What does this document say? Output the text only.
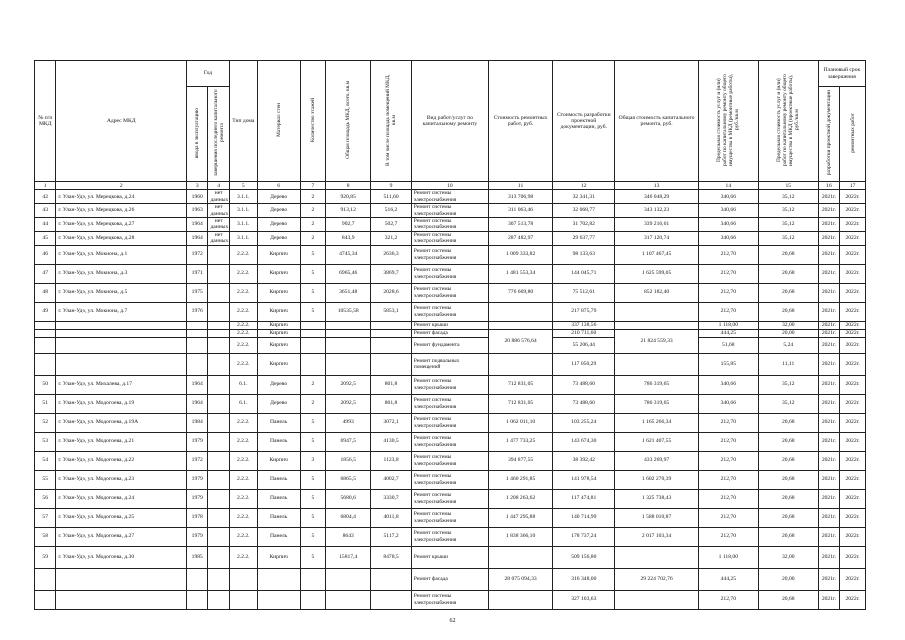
№ п/п МКД	Адрес МКД	Год		Тип дома	Материал стен	Количество этажей	Общая площадь МКД, всего, кв.м	В том числе площадь помещений МКД, кв.м	Вид работ/услуг по капитальному ремонту	Стоимость ремонтных работ, руб.	Стоимость разработки проектной документации, руб.	Общая стоимость капитального ремонта, руб.	Предельная стоимость услуг и (или) работ по капитальному ремонту общего имущества в МКД (ремонтные работы), руб./кв.м	Предельная стоимость услуг и (или) работ по капитальному ремонту общего имущества в МКД (проектные работы), руб./кв.м	Плановый срок завершения	
		ввода в эксплуатацию	завершения последнего капитального ремонта												разработки проектной документации	ремонтных работ
1	2	3	4	5	6	7	8	9	10	11	12	13	14	15	16	17
42	г. Улан-Удэ, ул. Мерецкова, д.24	1960	нет данных	3.1.1.	Дерево	2	920,85	511,60	Ремонт системы электроснабжения	313 706,98	32 341,31	346 048,29	340,66	35,12	2021г.	2022г.
43	г. Улан-Удэ, ул. Мерецкова, д.26	1963	нет данных	3.1.1.	Дерево	2	913,12	516,2	Ремонт системы электроснабжения	311 063,46	32 068,77	343 132,23	340,66	35,12	2021г.	2022г.
44	г. Улан-Удэ, ул. Мерецкова, д.27	1964	нет данных	3.1.1.	Дерево	2	902,7	502,7	Ремонт системы электроснабжения	307 513,78	31 702,82	339 216,61	340,66	35,12	2021г.	2022г.
45	г. Улан-Удэ, ул. Мерецкова, д.28	1964	нет данных	3.1.1.	Дерево	2	843,9	321,2	Ремонт системы электроснабжения	287 482,97	29 637,77	317 120,74	340,66	35,12	2021г.	2022г.
46	г. Улан-Удэ, ул. Мокиона, д.1	1972		2.2.2.	Кирпич	5	4745,34	2636,3	Ремонт системы электроснабжения	1 009 333,82	98 133,63	1 107 467,45	212,70	20,68	2021г.	2022г.
47	г. Улан-Удэ, ул. Мокиона, д.3	1971		2.2.2.	Кирпич	5	6965,46	3869,7	Ремонт системы электроснабжения	1 481 553,34	144 045,71	1 625 599,05	212,70	20,68	2021г.	2022г.
48	г. Улан-Удэ, ул. Мокиона, д.5	1975		2.2.2.	Кирпич	5	3651,48	2028,6	Ремонт системы электроснабжения	776 669,80	75 512,61	852 182,40	212,70	20,68	2021г.	2022г.
49	г. Улан-Удэ, ул. Мокиона, д.7	1976		2.2.2.	Кирпич	5	10535,58	5853,1	Ремонт системы электроснабжения		217 875,79		212,70	20,68	2021г.	2022г.
				2.2.2.	Кирпич				Ремонт крыши		337 138,56		1 118,00	32,00	2021г.	2022г.
				2.2.2.	Кирпич				Ремонт фасада	20 886 576,64	210 711,60	21 824 559,33	444,25	20,00	2021г.	2022г.
				2.2.2.	Кирпич				Ремонт фундамента		55 206,44		51,68	5,24	2021г.	2022г.
				2.2.2.	Кирпич				Ремонт подвальных помещений		117 050,29		155,85	11,11	2021г.	2022г.
50	г. Улан-Удэ, ул. Михалева, д.17	1964		6.1.	Дерево	2	2092,5	801,8	Ремонт системы электроснабжения	712 831,05	73 488,60	786 319,65	340,66	35,12	2021г.	2022г.
51	г. Улан-Удэ, ул. Модогоева, д.19	1964		6.1.	Дерево	2	2092,5	801,8	Ремонт системы электроснабжения	712 831,05	73 488,60	786 319,65	340,66	35,12	2021г.	2022г.
52	г. Улан-Удэ, ул. Модогоева, д.19А	1984		2.2.2.	Панель	5	4993	3072,1	Ремонт системы электроснабжения	1 062 011,10	103 255,24	1 165 266,34	212,70	20,68	2021г.	2022г.
53	г. Улан-Удэ, ул. Модогоева, д.21	1979		2.2.2.	Панель	5	6947,5	4130,5	Ремонт системы электроснабжения	1 477 733,25	143 674,30	1 621 407,55	212,70	20,68	2021г.	2022г.
54	г. Улан-Удэ, ул. Модогоева, д.22	1972		2.2.2.	Кирпич	3	1856,5	1123,8	Ремонт системы электроснабжения	394 877,55	38 392,42	433 269,97	212,70	20,68	2021г.	2022г.
55	г. Улан-Удэ, ул. Модогоева, д.23	1979		2.2.2.	Панель	5	6865,5	4002,7	Ремонт системы электроснабжения	1 460 291,85	141 978,54	1 602 270,39	212,70	20,68	2021г.	2022г.
56	г. Улан-Удэ, ул. Модогоева, д.24	1979		2.2.2.	Панель	5	5680,6	3330,7	Ремонт системы электроснабжения	1 208 263,62	117 474,81	1 325 738,43	212,70	20,68	2021г.	2022г.
57	г. Улан-Удэ, ул. Модогоева, д.25	1978		2.2.2.	Панель	5	6804,4	4011,8	Ремонт системы электроснабжения	1 447 295,88	140 714,99	1 588 010,87	212,70	20,68	2021г.	2022г.
58	г. Улан-Удэ, ул. Модогоева, д.27	1979		2.2.2.	Панель	5	8643	5117,2	Ремонт системы электроснабжения	1 838 366,10	178 737,24	2 017 103,34	212,70	20,68	2021г.	2022г.
59	г. Улан-Удэ, ул. Модогоева, д.30	1985		2.2.2.	Кирпич	5	15817,4	8478,5	Ремонт крыши		509 156,80		1 118,00	32,00	2021г.	2022г.
									Ремонт фасада	28 075 094,33	316 348,00	29 224 702,76	444,25	20,00	2021г.	2022г.
									Ремонт системы электроснабжения		327 103,63		212,70	20,68	2021г.	2022г.
62
